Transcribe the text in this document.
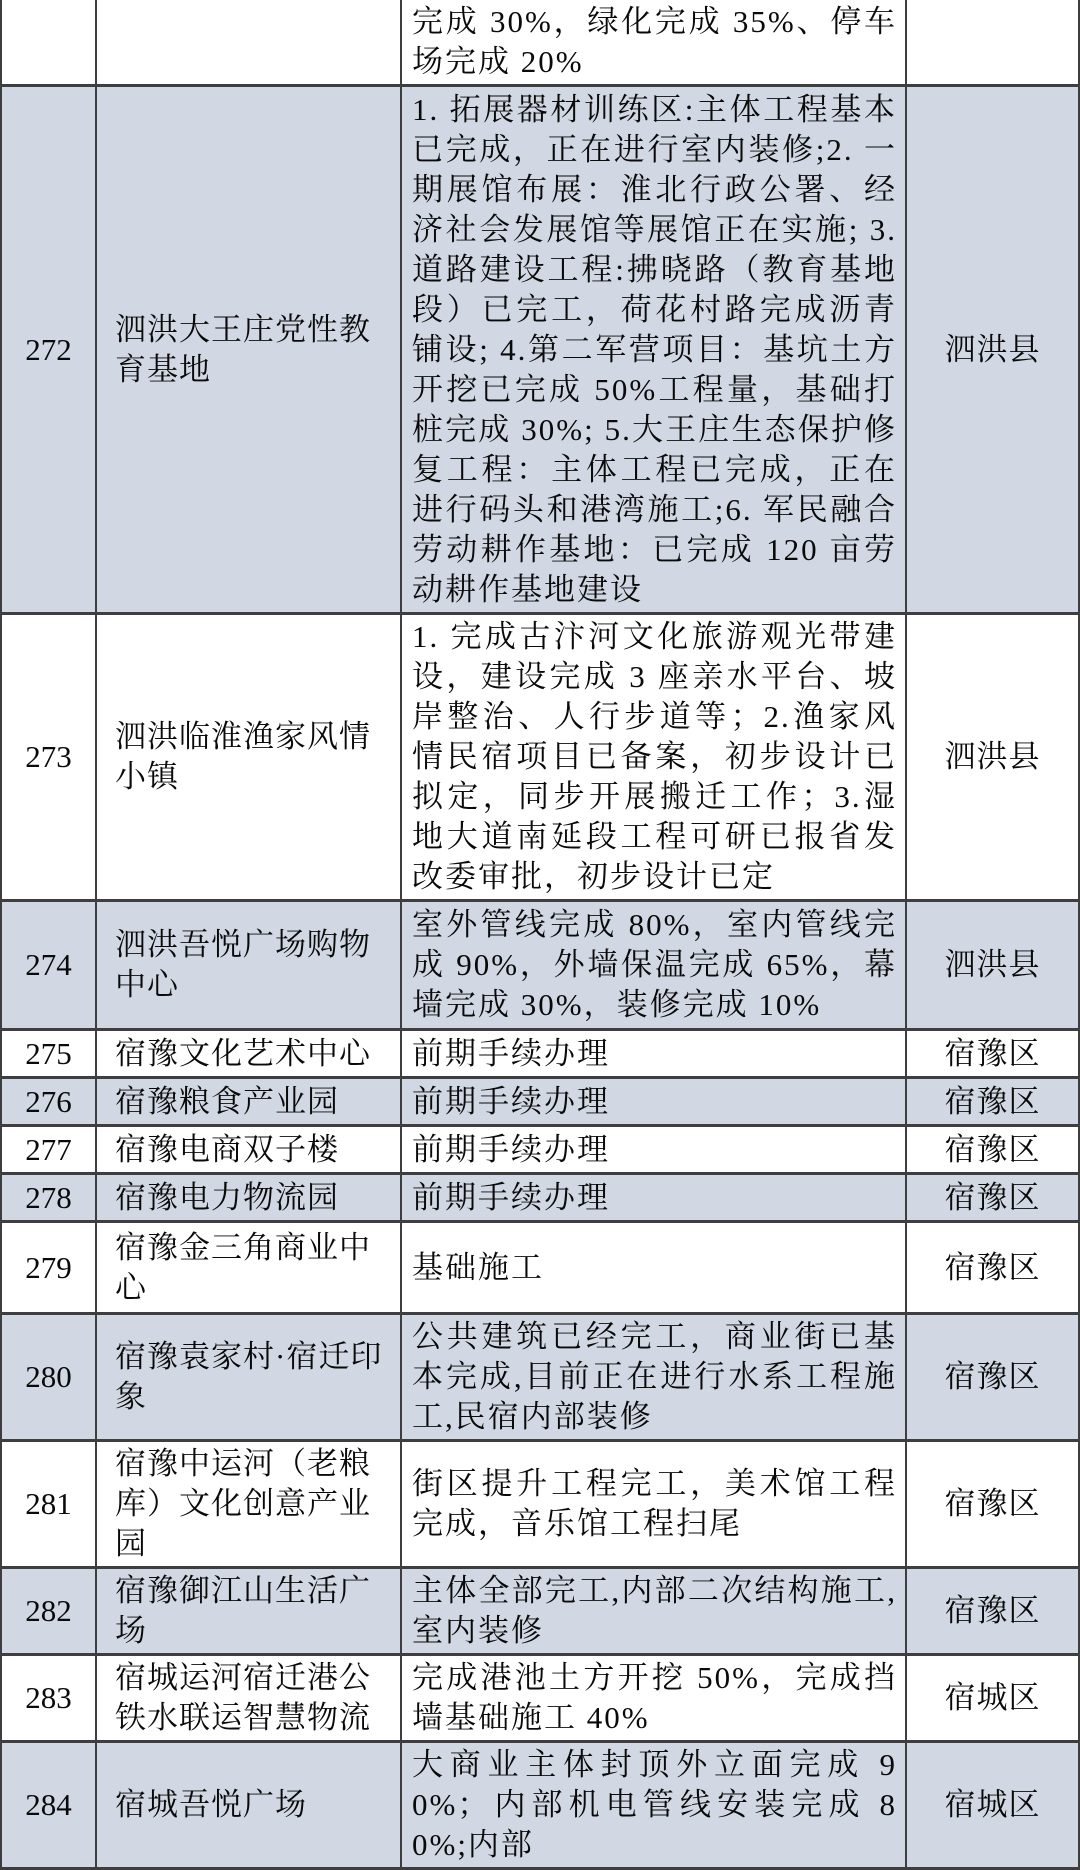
		完成 30%，绿化完成 35%、停车场完成 20%	
272	泗洪大王庄党性教育基地	1. 拓展器材训练区:主体工程基本已完成，正在进行室内装修;2. 一期展馆布展：淮北行政公署、经济社会发展馆等展馆正在实施; 3.道路建设工程:拂晓路（教育基地段）已完工，荷花村路完成沥青铺设; 4.第二军营项目：基坑土方开挖已完成 50%工程量，基础打桩完成 30%; 5.大王庄生态保护修复工程：主体工程已完成，正在进行码头和港湾施工;6. 军民融合劳动耕作基地：已完成 120 亩劳动耕作基地建设	泗洪县
273	泗洪临淮渔家风情小镇	1. 完成古汴河文化旅游观光带建设，建设完成 3 座亲水平台、坡岸整治、人行步道等；2.渔家风情民宿项目已备案，初步设计已拟定，同步开展搬迁工作；3.湿地大道南延段工程可研已报省发改委审批，初步设计已定	泗洪县
274	泗洪吾悦广场购物中心	室外管线完成 80%，室内管线完成 90%，外墙保温完成 65%，幕墙完成 30%，装修完成 10%	泗洪县
275	宿豫文化艺术中心	前期手续办理	宿豫区
276	宿豫粮食产业园	前期手续办理	宿豫区
277	宿豫电商双子楼	前期手续办理	宿豫区
278	宿豫电力物流园	前期手续办理	宿豫区
279	宿豫金三角商业中心	基础施工	宿豫区
280	宿豫袁家村·宿迁印象	公共建筑已经完工，商业街已基本完成,目前正在进行水系工程施工,民宿内部装修	宿豫区
281	宿豫中运河（老粮库）文化创意产业园	街区提升工程完工，美术馆工程完成，音乐馆工程扫尾	宿豫区
282	宿豫御江山生活广场	主体全部完工,内部二次结构施工,室内装修	宿豫区
283	宿城运河宿迁港公铁水联运智慧物流	完成港池土方开挖 50%，完成挡墙基础施工 40%	宿城区
284	宿城吾悦广场	大商业主体封顶外立面完成 90%；内部机电管线安装完成 80%;内部	宿城区
